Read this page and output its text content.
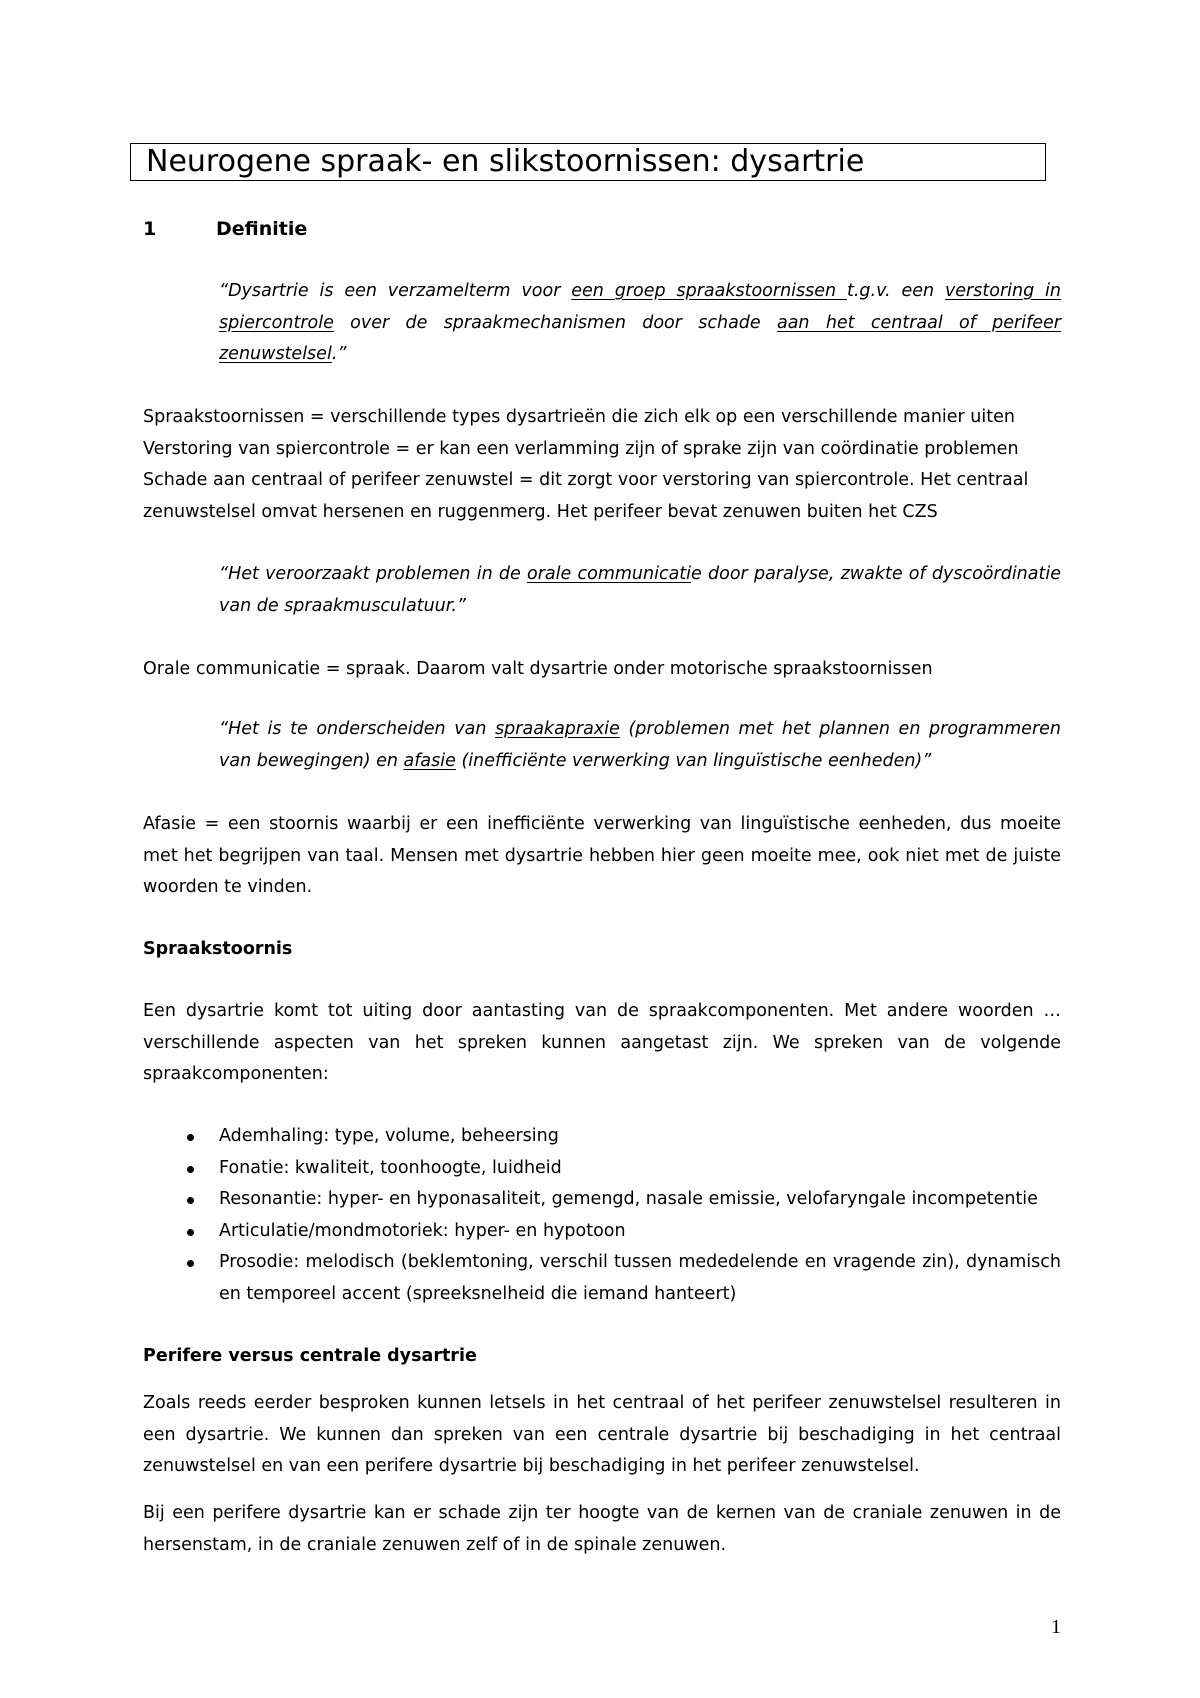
Neurogene spraak- en slikstoornissen: dysartrie
1	Definitie
“Dysartrie is een verzamelterm voor een groep spraakstoornissen t.g.v. een verstoring in spiercontrole over de spraakmechanismen door schade aan het centraal of perifeer zenuwstelsel.”
Spraakstoornissen = verschillende types dysartrieën die zich elk op een verschillende manier uiten
Verstoring van spiercontrole = er kan een verlamming zijn of sprake zijn van coördinatie problemen
Schade aan centraal of perifeer zenuwstel = dit zorgt voor verstoring van spiercontrole. Het centraal
zenuwstelsel omvat hersenen en ruggenmerg. Het perifeer bevat zenuwen buiten het CZS
“Het veroorzaakt problemen in de orale communicatie door paralyse, zwakte of dyscoördinatie van de spraakmusculatuur.”
Orale communicatie = spraak. Daarom valt dysartrie onder motorische spraakstoornissen
“Het is te onderscheiden van spraakapraxie (problemen met het plannen en programmeren van bewegingen) en afasie (inefficiënte verwerking van linguïstische eenheden)”
Afasie = een stoornis waarbij er een inefficiënte verwerking van linguïstische eenheden, dus moeite met het begrijpen van taal. Mensen met dysartrie hebben hier geen moeite mee, ook niet met de juiste woorden te vinden.
Spraakstoornis
Een dysartrie komt tot uiting door aantasting van de spraakcomponenten. Met andere woorden … verschillende aspecten van het spreken kunnen aangetast zijn. We spreken van de volgende spraakcomponenten:
Ademhaling: type, volume, beheersing
Fonatie: kwaliteit, toonhoogte, luidheid
Resonantie: hyper- en hyponasaliteit, gemengd, nasale emissie, velofaryngale incompetentie
Articulatie/mondmotoriek: hyper- en hypotoon
Prosodie: melodisch (beklemtoning, verschil tussen mededelende en vragende zin), dynamisch en temporeel accent (spreeksnelheid die iemand hanteert)
Perifere versus centrale dysartrie
Zoals reeds eerder besproken kunnen letsels in het centraal of het perifeer zenuwstelsel resulteren in een dysartrie. We kunnen dan spreken van een centrale dysartrie bij beschadiging in het centraal zenuwstelsel en van een perifere dysartrie bij beschadiging in het perifeer zenuwstelsel.
Bij een perifere dysartrie kan er schade zijn ter hoogte van de kernen van de craniale zenuwen in de hersenstam, in de craniale zenuwen zelf of in de spinale zenuwen.
1
